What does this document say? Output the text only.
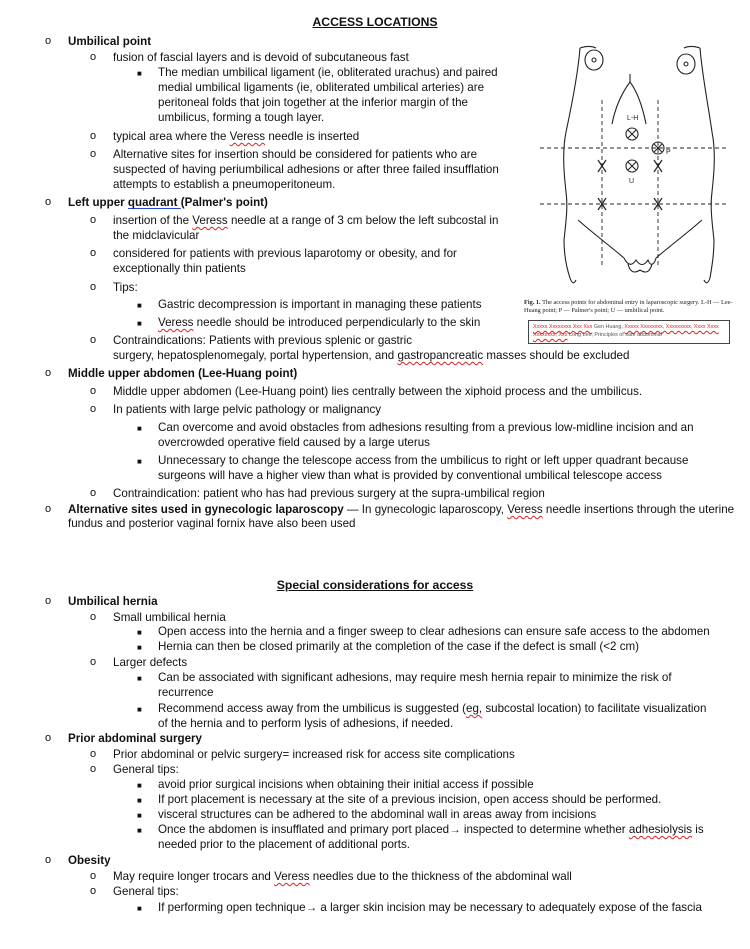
ACCESS LOCATIONS
o Umbilical point
o fusion of fascial layers and is devoid of subcutaneous fast
■ The median umbilical ligament (ie, obliterated urachus) and paired
medial umbilical ligaments (ie, obliterated umbilical arteries) are
peritoneal folds that join together at the inferior margin of the
umbilicus, forming a tough layer.
o typical area where the Veress needle is inserted
o Alternative sites for insertion should be considered for patients who are
suspected of having periumbilical adhesions or after three failed insufflation
attempts to establish a pneumoperitoneum.
o Left upper quadrant (Palmer's point)
o insertion of the Veress needle at a range of 3 cm below the left subcostal in
the midclavicular
o considered for patients with previous laparotomy or obesity, and for
exceptionally thin patients
o Tips:
■ Gastric decompression is important in managing these patients
■ Veress needle should be introduced perpendicularly to the skin
o Contraindications: Patients with previous splenic or gastric
surgery, hepatosplenomegaly, portal hypertension, and gastropancreatic masses should be excluded
o Middle upper abdomen (Lee-Huang point)
o Middle upper abdomen (Lee-Huang point) lies centrally between the xiphoid process and the umbilicus.
o In patients with large pelvic pathology or malignancy
■ Can overcome and avoid obstacles from adhesions resulting from a previous low-midline incision and an
overcrowded operative field caused by a large uterus
■ Unnecessary to change the telescope access from the umbilicus to right or left upper quadrant because
surgeons will have a higher view than what is provided by conventional umbilical telescope access
o Contraindication: patient who has had previous surgery at the supra-umbilical region
o Alternative sites used in gynecologic laparoscopy — In gynecologic laparoscopy, Veress needle insertions through the uterine
fundus and posterior vaginal fornix have also been used
L-H
P
U
Fig. 1. The access points for abdominal entry in laparoscopic surgery. L-H — Lee-Huang point; P — Palmer's point; U — umbilical point.
Xxxxx Xxxxxxxx Xxx Xxx Gen Huang, Xxxxx Xxxxxxxx, Xxxxxxxxx, Xxxx Xxxx Xxxxxxxx, Xxx Long Lee, Principles of safe abdominal
Special considerations for access
o Umbilical hernia
o Small umbilical hernia
■ Open access into the hernia and a finger sweep to clear adhesions can ensure safe access to the abdomen
■ Hernia can then be closed primarily at the completion of the case if the defect is small (<2 cm)
o Larger defects
■ Can be associated with significant adhesions, may require mesh hernia repair to minimize the risk of
recurrence
■ Recommend access away from the umbilicus is suggested (eg, subcostal location) to facilitate visualization
of the hernia and to perform lysis of adhesions, if needed.
o Prior abdominal surgery
o Prior abdominal or pelvic surgery= increased risk for access site complications
o General tips:
■ avoid prior surgical incisions when obtaining their initial access if possible
■ If port placement is necessary at the site of a previous incision, open access should be performed.
■ visceral structures can be adhered to the abdominal wall in areas away from incisions
■ Once the abdomen is insufflated and primary port placed→ inspected to determine whether adhesiolysis is
needed prior to the placement of additional ports.
o Obesity
o May require longer trocars and Veress needles due to the thickness of the abdominal wall
o General tips:
■ If performing open technique→ a larger skin incision may be necessary to adequately expose of the fascia
